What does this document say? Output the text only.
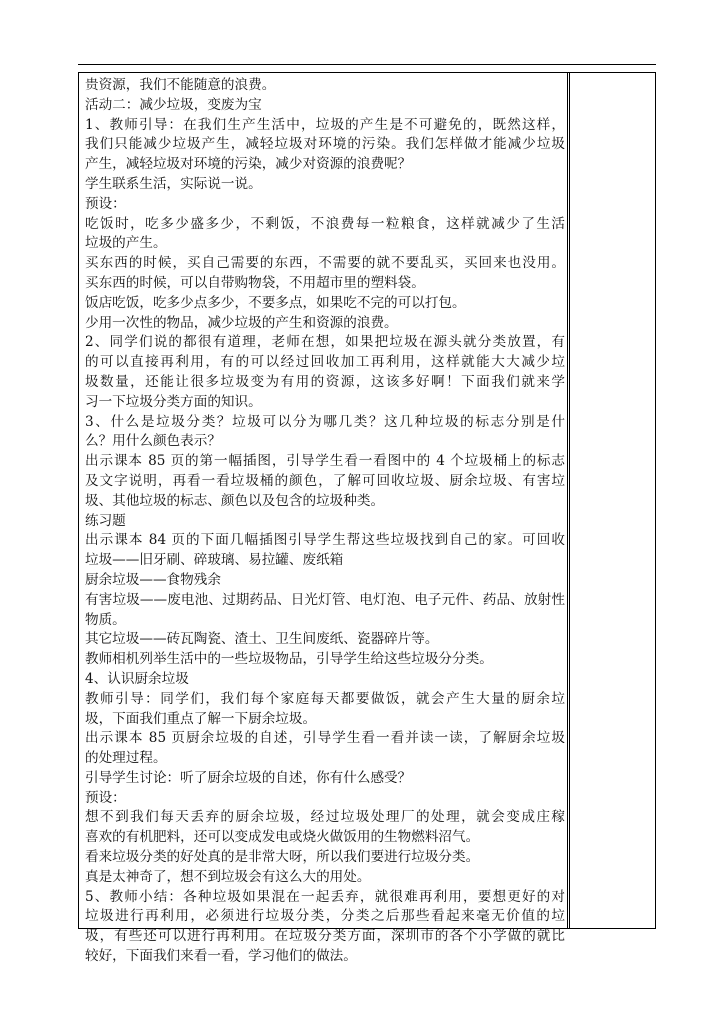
贵资源，我们不能随意的浪费。
活动二：减少垃圾，变废为宝
1、教师引导：在我们生产生活中，垃圾的产生是不可避免的，既然这样，
我们只能减少垃圾产生，减轻垃圾对环境的污染。我们怎样做才能减少垃圾
产生，减轻垃圾对环境的污染，减少对资源的浪费呢？
学生联系生活，实际说一说。
预设：
吃饭时，吃多少盛多少，不剩饭，不浪费每一粒粮食，这样就减少了生活
垃圾的产生。
买东西的时候，买自己需要的东西，不需要的就不要乱买，买回来也没用。
买东西的时候，可以自带购物袋，不用超市里的塑料袋。
饭店吃饭，吃多少点多少，不要多点，如果吃不完的可以打包。
少用一次性的物品，减少垃圾的产生和资源的浪费。
2、同学们说的都很有道理，老师在想，如果把垃圾在源头就分类放置，有
的可以直接再利用，有的可以经过回收加工再利用，这样就能大大减少垃
圾数量，还能让很多垃圾变为有用的资源，这该多好啊！下面我们就来学
习一下垃圾分类方面的知识。
3、什么是垃圾分类？垃圾可以分为哪几类？这几种垃圾的标志分别是什
么？用什么颜色表示？
出示课本 85 页的第一幅插图，引导学生看一看图中的 4 个垃圾桶上的标志
及文字说明，再看一看垃圾桶的颜色，了解可回收垃圾、厨余垃圾、有害垃
圾、其他垃圾的标志、颜色以及包含的垃圾种类。
练习题
出示课本 84 页的下面几幅插图引导学生帮这些垃圾找到自己的家。可回收
垃圾——旧牙刷、碎玻璃、易拉罐、废纸箱
厨余垃圾——食物残余
有害垃圾——废电池、过期药品、日光灯管、电灯泡、电子元件、药品、放射性
物质。
其它垃圾——砖瓦陶瓷、渣土、卫生间废纸、瓷器碎片等。
教师相机列举生活中的一些垃圾物品，引导学生给这些垃圾分分类。
4、认识厨余垃圾
教师引导：同学们，我们每个家庭每天都要做饭，就会产生大量的厨余垃
圾，下面我们重点了解一下厨余垃圾。
出示课本 85 页厨余垃圾的自述，引导学生看一看并读一读，了解厨余垃圾
的处理过程。
引导学生讨论：听了厨余垃圾的自述，你有什么感受？
预设：
想不到我们每天丢弃的厨余垃圾，经过垃圾处理厂的处理，就会变成庄稼
喜欢的有机肥料，还可以变成发电或烧火做饭用的生物燃料沼气。
看来垃圾分类的好处真的是非常大呀，所以我们要进行垃圾分类。
真是太神奇了，想不到垃圾会有这么大的用处。
5、教师小结：各种垃圾如果混在一起丢弃，就很难再利用，要想更好的对
垃圾进行再利用，必须进行垃圾分类，分类之后那些看起来毫无价值的垃
圾，有些还可以进行再利用。在垃圾分类方面，深圳市的各个小学做的就比
较好，下面我们来看一看，学习他们的做法。
